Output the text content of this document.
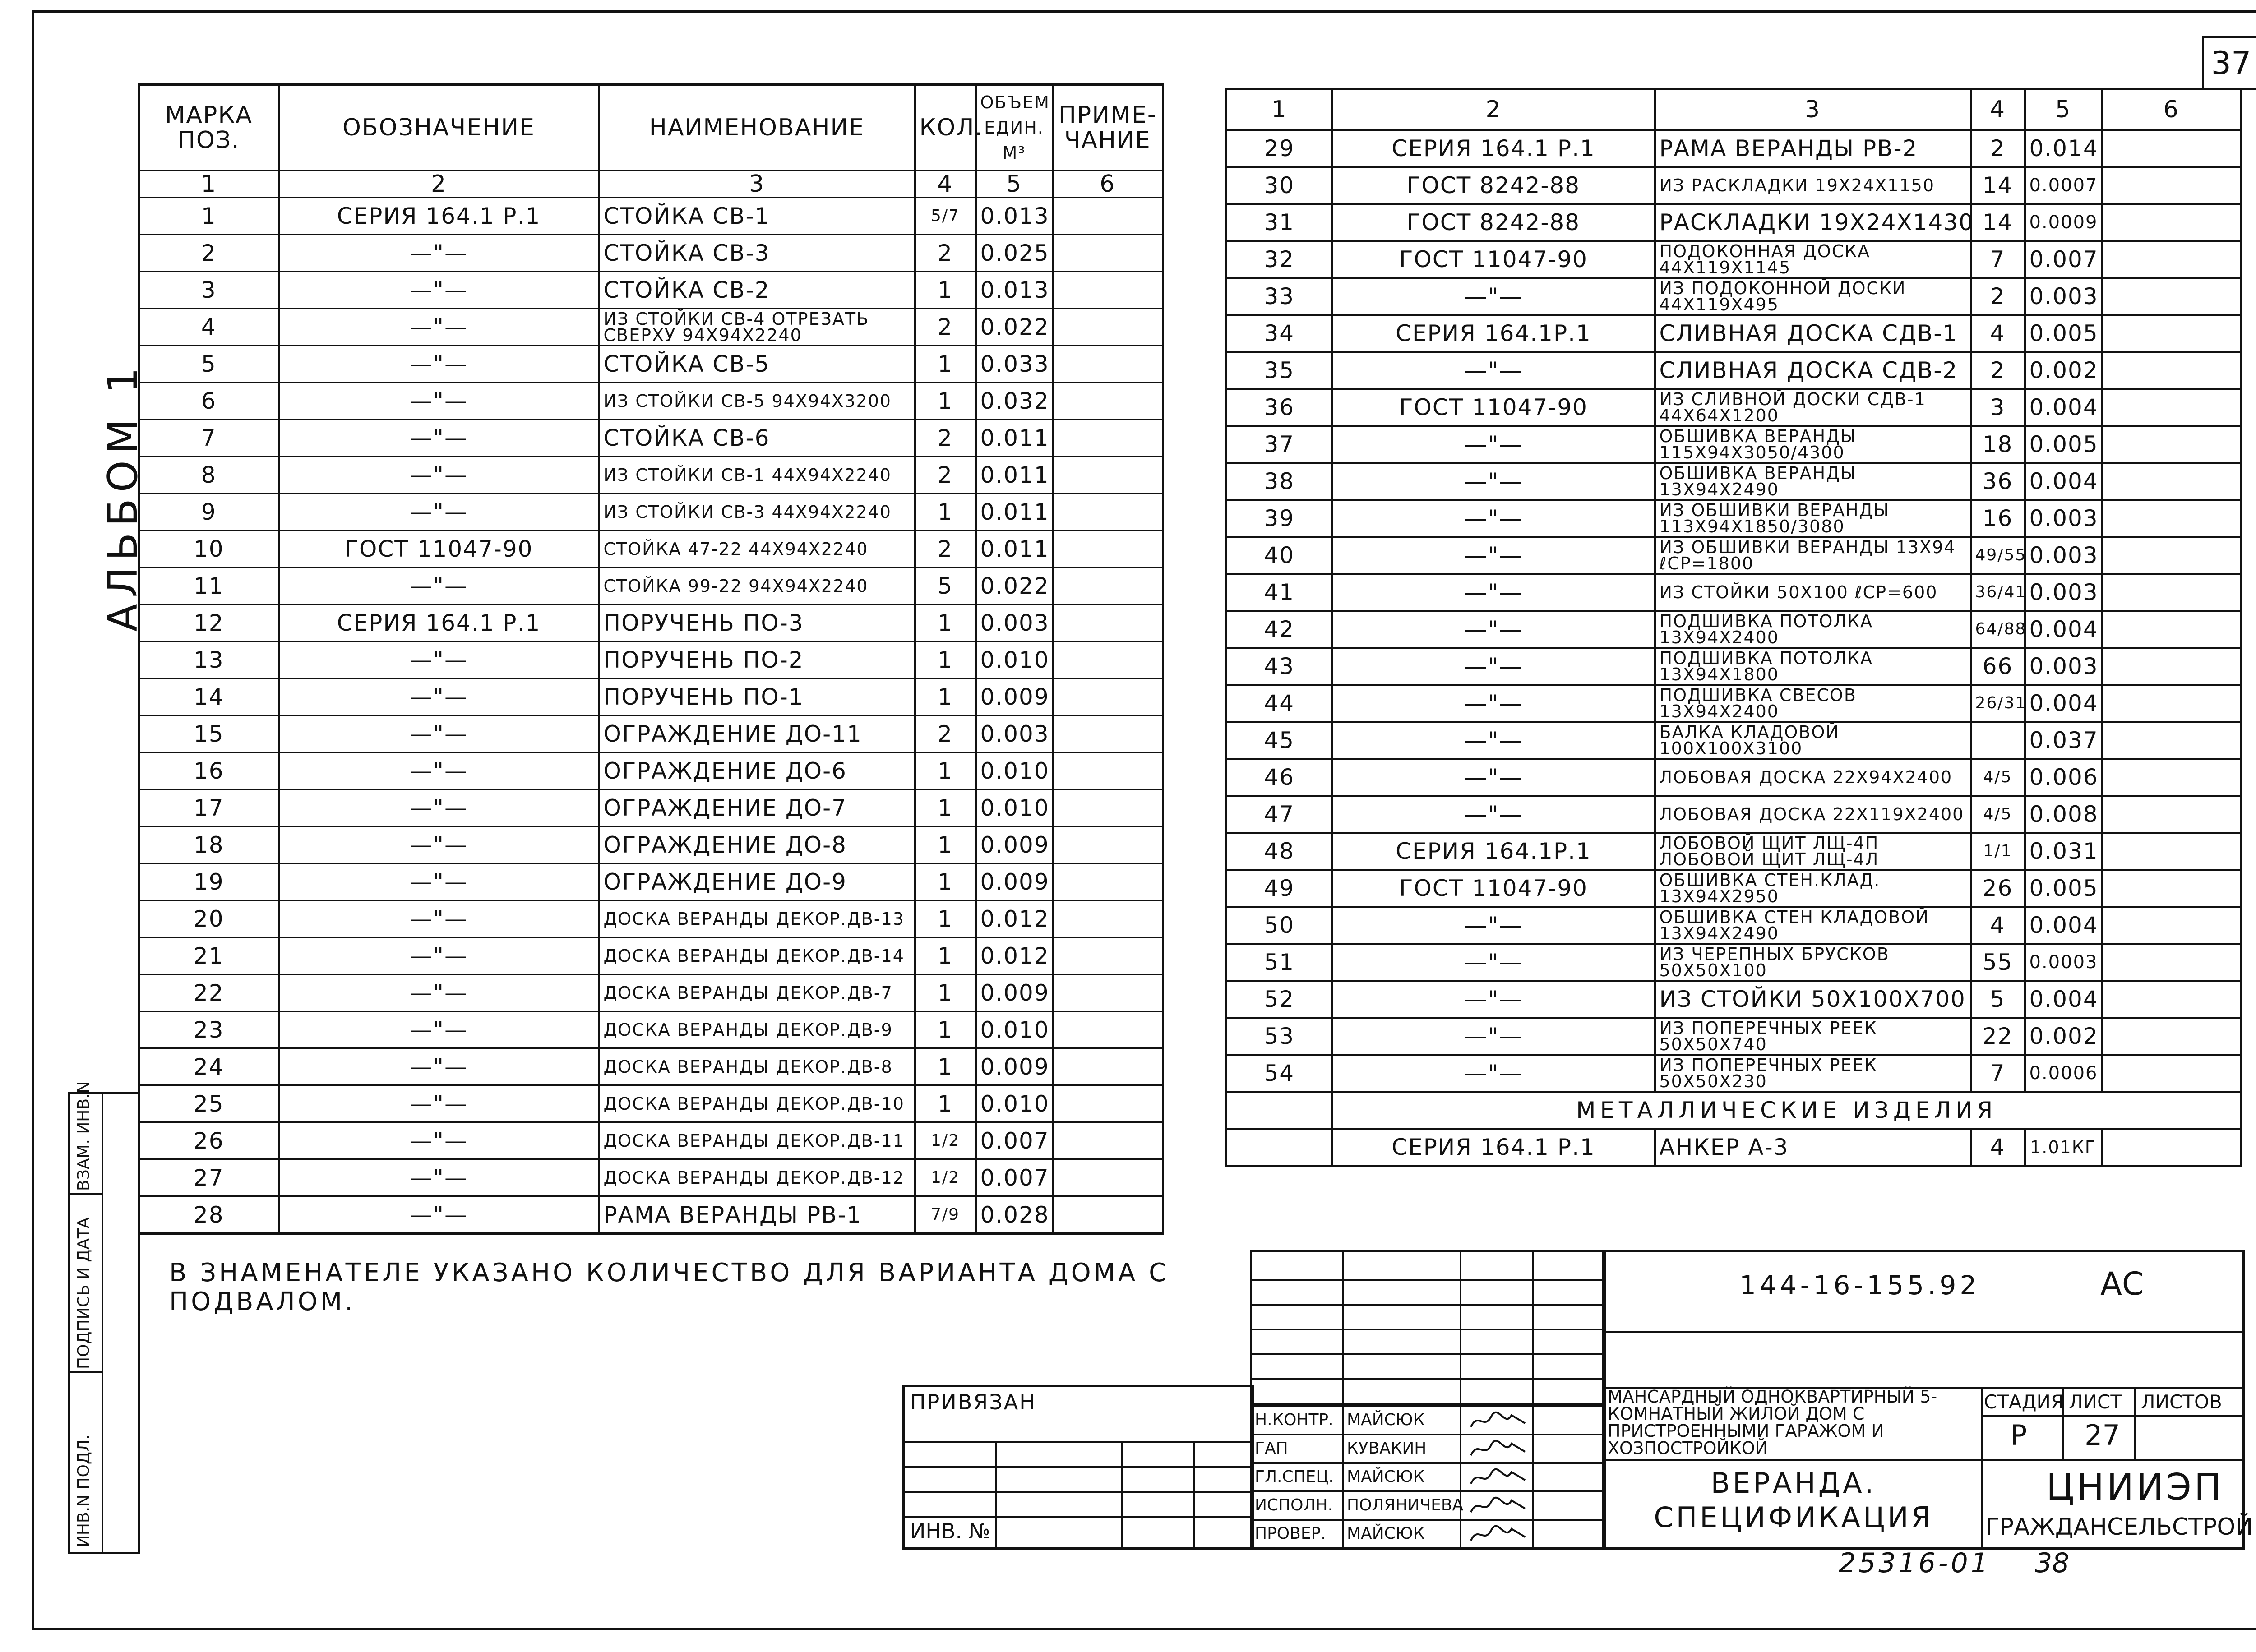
37
АЛЬБОМ 1
ИНВ.N ПОДЛ.
ПОДПИСЬ И ДАТА
ВЗАМ. ИНВ.N
МАРКА ПОЗ.	ОБОЗНАЧЕНИЕ	НАИМЕНОВАНИЕ	КОЛ.	ОБЪЕМ ЕДИН. М³	ПРИМЕ-ЧАНИЕ
1	2	3	4	5	6
1	СЕРИЯ 164.1 Р.1	СТОЙКА СВ-1	5/7	0.013	
2	—"—	СТОЙКА СВ-3	2	0.025	
3	—"—	СТОЙКА СВ-2	1	0.013	
4	—"—	ИЗ СТОЙКИ СВ-4 ОТРЕЗАТЬ СВЕРХУ 94X94X2240	2	0.022	
5	—"—	СТОЙКА СВ-5	1	0.033	
6	—"—	ИЗ СТОЙКИ СВ-5 94X94X3200	1	0.032	
7	—"—	СТОЙКА СВ-6	2	0.011	
8	—"—	ИЗ СТОЙКИ СВ-1 44X94X2240	2	0.011	
9	—"—	ИЗ СТОЙКИ СВ-3 44X94X2240	1	0.011	
10	ГОСТ 11047-90	СТОЙКА 47-22 44X94X2240	2	0.011	
11	—"—	СТОЙКА 99-22 94X94X2240	5	0.022	
12	СЕРИЯ 164.1 Р.1	ПОРУЧЕНЬ ПО-3	1	0.003	
13	—"—	ПОРУЧЕНЬ ПО-2	1	0.010	
14	—"—	ПОРУЧЕНЬ ПО-1	1	0.009	
15	—"—	ОГРАЖДЕНИЕ ДО-11	2	0.003	
16	—"—	ОГРАЖДЕНИЕ ДО-6	1	0.010	
17	—"—	ОГРАЖДЕНИЕ ДО-7	1	0.010	
18	—"—	ОГРАЖДЕНИЕ ДО-8	1	0.009	
19	—"—	ОГРАЖДЕНИЕ ДО-9	1	0.009	
20	—"—	ДОСКА ВЕРАНДЫ ДЕКОР.ДВ-13	1	0.012	
21	—"—	ДОСКА ВЕРАНДЫ ДЕКОР.ДВ-14	1	0.012	
22	—"—	ДОСКА ВЕРАНДЫ ДЕКОР.ДВ-7	1	0.009	
23	—"—	ДОСКА ВЕРАНДЫ ДЕКОР.ДВ-9	1	0.010	
24	—"—	ДОСКА ВЕРАНДЫ ДЕКОР.ДВ-8	1	0.009	
25	—"—	ДОСКА ВЕРАНДЫ ДЕКОР.ДВ-10	1	0.010	
26	—"—	ДОСКА ВЕРАНДЫ ДЕКОР.ДВ-11	1/2	0.007	
27	—"—	ДОСКА ВЕРАНДЫ ДЕКОР.ДВ-12	1/2	0.007	
28	—"—	РАМА ВЕРАНДЫ РВ-1	7/9	0.028	
1	2	3	4	5	6
29	СЕРИЯ 164.1 Р.1	РАМА ВЕРАНДЫ РВ-2	2	0.014	
30	ГОСТ 8242-88	ИЗ РАСКЛАДКИ 19X24X1150	14	0.0007	
31	ГОСТ 8242-88	РАСКЛАДКИ 19X24X1430	14	0.0009	
32	ГОСТ 11047-90	ПОДОКОННАЯ ДОСКА 44X119X1145	7	0.007	
33	—"—	ИЗ ПОДОКОННОЙ ДОСКИ 44X119X495	2	0.003	
34	СЕРИЯ 164.1Р.1	СЛИВНАЯ ДОСКА СДВ-1	4	0.005	
35	—"—	СЛИВНАЯ ДОСКА СДВ-2	2	0.002	
36	ГОСТ 11047-90	ИЗ СЛИВНОЙ ДОСКИ СДВ-1 44X64X1200	3	0.004	
37	—"—	ОБШИВКА ВЕРАНДЫ 115X94X3050/4300	18	0.005	
38	—"—	ОБШИВКА ВЕРАНДЫ 13X94X2490	36	0.004	
39	—"—	ИЗ ОБШИВКИ ВЕРАНДЫ 113X94X1850/3080	16	0.003	
40	—"—	ИЗ ОБШИВКИ ВЕРАНДЫ 13X94 ℓСР=1800	49/55	0.003	
41	—"—	ИЗ СТОЙКИ 50X100 ℓСР=600	36/41	0.003	
42	—"—	ПОДШИВКА ПОТОЛКА 13X94X2400	64/88	0.004	
43	—"—	ПОДШИВКА ПОТОЛКА 13X94X1800	66	0.003	
44	—"—	ПОДШИВКА СВЕСОВ 13X94X2400	26/31	0.004	
45	—"—	БАЛКА КЛАДОВОЙ 100X100X3100		0.037	
46	—"—	ЛОБОВАЯ ДОСКА 22X94X2400	4/5	0.006	
47	—"—	ЛОБОВАЯ ДОСКА 22X119X2400	4/5	0.008	
48	СЕРИЯ 164.1Р.1	ЛОБОВОЙ ЩИТ ЛЩ-4П ЛОБОВОЙ ЩИТ ЛЩ-4Л	1/1	0.031	
49	ГОСТ 11047-90	ОБШИВКА СТЕН.КЛАД. 13X94X2950	26	0.005	
50	—"—	ОБШИВКА СТЕН КЛАДОВОЙ 13X94X2490	4	0.004	
51	—"—	ИЗ ЧЕРЕПНЫХ БРУСКОВ 50X50X100	55	0.0003	
52	—"—	ИЗ СТОЙКИ 50X100X700	5	0.004	
53	—"—	ИЗ ПОПЕРЕЧНЫХ РЕЕК 50X50X740	22	0.002	
54	—"—	ИЗ ПОПЕРЕЧНЫХ РЕЕК 50X50X230	7	0.0006	
	МЕТАЛЛИЧЕСКИЕ ИЗДЕЛИЯ				
	СЕРИЯ 164.1 Р.1	АНКЕР А-3	4	1.01КГ	
В ЗНАМЕНАТЕЛЕ УКАЗАНО КОЛИЧЕСТВО ДЛЯ ВАРИАНТА ДОМА С ПОДВАЛОМ.
ПРИВЯЗАН
ИНВ. №
Н.КОНТР. МАЙСЮК
ГАП	КУВАКИН
ГЛ.СПЕЦ. МАЙСЮК
ИСПОЛН. ПОЛЯНИЧЕВА
ПРОВЕР. МАЙСЮК
144-16-155.92	АС
МАНСАРДНЫЙ ОДНОКВАРТИРНЫЙ 5-КОМНАТНЫЙ ЖИЛОЙ ДОМ С ПРИСТРОЕННЫМИ ГАРАЖОМ И ХОЗПОСТРОЙКОЙ
ВЕРАНДА. СПЕЦИФИКАЦИЯ
СТАДИЯ ЛИСТ ЛИСТОВ
Р 27
ЦНИИЭП
ГРАЖДАНСЕЛЬСТРОЙ
25316-01 38
